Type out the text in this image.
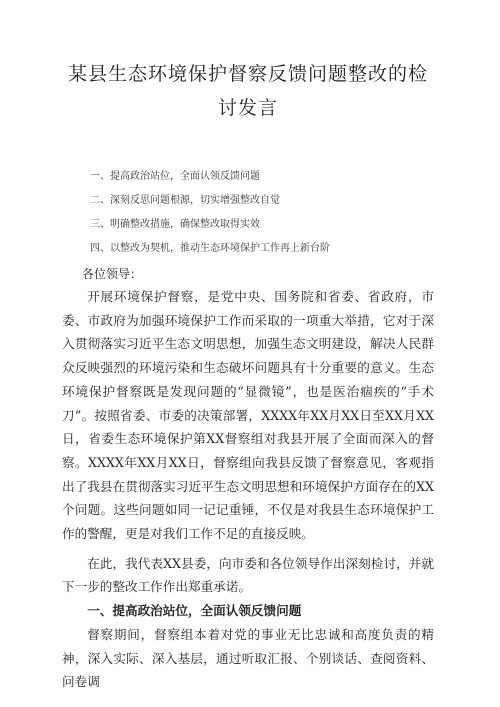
某县生态环境保护督察反馈问题整改的检
讨发言
一、提高政治站位，全面认领反馈问题
二、深刻反思问题根源，切实增强整改自觉
三、明确整改措施，确保整改取得实效
四、以整改为契机，推动生态环境保护工作再上新台阶
各位领导：

开展环境保护督察，是党中央、国务院和省委、省政府，市委、市政府为加强环境保护工作而采取的一项重大举措，它对于深入贯彻落实习近平生态文明思想，加强生态文明建设，解决人民群众反映强烈的环境污染和生态破坏问题具有十分重要的意义。生态环境保护督察既是发现问题的“显微镜”，也是医治痼疾的“手术刀”。按照省委、市委的决策部署，XXXX年XX月XX日至XX月XX日，省委生态环境保护第XX督察组对我县开展了全面而深入的督察。XXXX年XX月XX日，督察组向我县反馈了督察意见，客观指出了我县在贯彻落实习近平生态文明思想和环境保护方面存在的XX个问题。这些问题如同一记记重锤，不仅是对我县生态环境保护工作的警醒，更是对我们工作不足的直接反映。

在此，我代表XX县委，向市委和各位领导作出深刻检讨，并就下一步的整改工作作出郑重承诺。

一、提高政治站位，全面认领反馈问题

督察期间，督察组本着对党的事业无比忠诚和高度负责的精神，深入实际、深入基层，通过听取汇报、个别谈话、查阅资料、问卷调
